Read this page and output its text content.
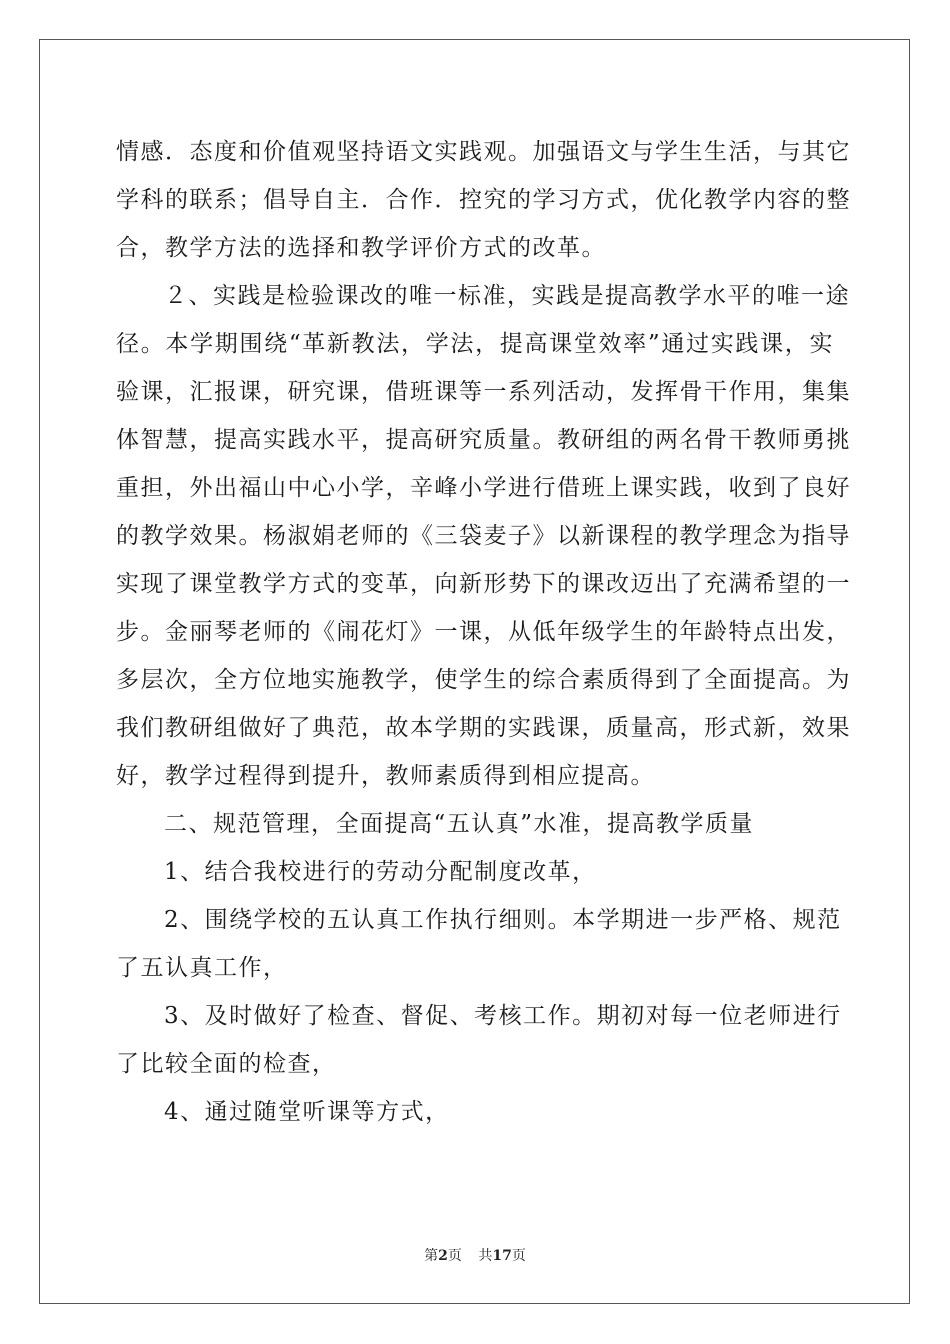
情感．态度和价值观坚持语文实践观。加强语文与学生生活，与其它
学科的联系；倡导自主．合作．控究的学习方式，优化教学内容的整
合，教学方法的选择和教学评价方式的改革。
２、实践是检验课改的唯一标准，实践是提高教学水平的唯一途
径。本学期围绕“革新教法，学法，提高课堂效率”通过实践课，实
验课，汇报课，研究课，借班课等一系列活动，发挥骨干作用，集集
体智慧，提高实践水平，提高研究质量。教研组的两名骨干教师勇挑
重担，外出福山中心小学，辛峰小学进行借班上课实践，收到了良好
的教学效果。杨淑娟老师的《三袋麦子》以新课程的教学理念为指导
实现了课堂教学方式的变革，向新形势下的课改迈出了充满希望的一
步。金丽琴老师的《闹花灯》一课，从低年级学生的年龄特点出发，
多层次，全方位地实施教学，使学生的综合素质得到了全面提高。为
我们教研组做好了典范，故本学期的实践课，质量高，形式新，效果
好，教学过程得到提升，教师素质得到相应提高。
二、规范管理，全面提高“五认真”水准，提高教学质量
1、结合我校进行的劳动分配制度改革，
2、围绕学校的五认真工作执行细则。本学期进一步严格、规范
了五认真工作，
3、及时做好了检查、督促、考核工作。期初对每一位老师进行
了比较全面的检查，
4、通过随堂听课等方式，
第2页 共17页
